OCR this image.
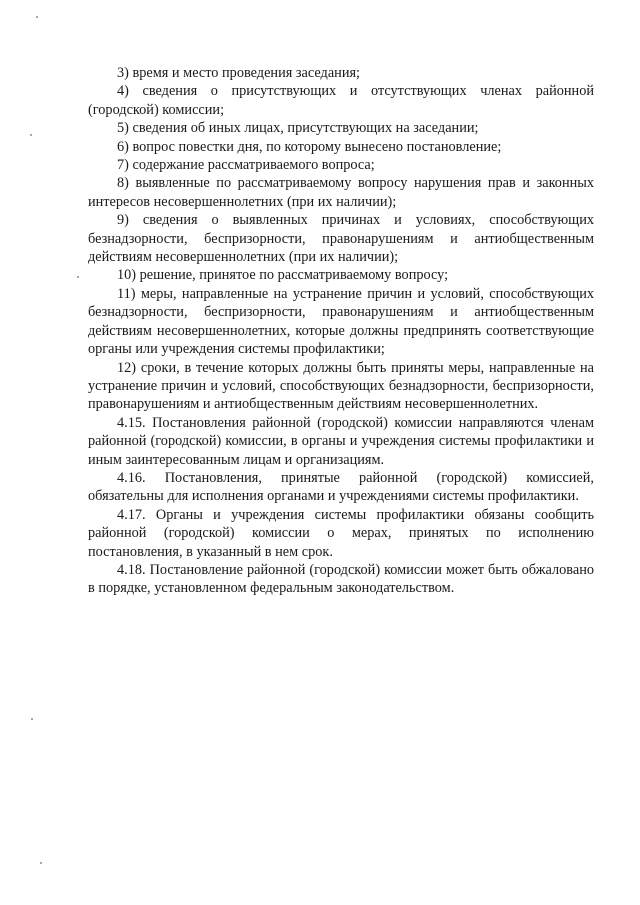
3) время и место проведения заседания;

4) сведения о присутствующих и отсутствующих членах районной (городской) комиссии;

5) сведения об иных лицах, присутствующих на заседании;

6) вопрос повестки дня, по которому вынесено постановление;

7) содержание рассматриваемого вопроса;

8) выявленные по рассматриваемому вопросу нарушения прав и законных интересов несовершеннолетних (при их наличии);

9) сведения о выявленных причинах и условиях, способствующих безнадзорности, беспризорности, правонарушениям и антиобщественным действиям несовершеннолетних (при их наличии);

10) решение, принятое по рассматриваемому вопросу;

11) меры, направленные на устранение причин и условий, способствующих безнадзорности, беспризорности, правонарушениям и антиобщественным действиям несовершеннолетних, которые должны предпринять соответствующие органы или учреждения системы профилактики;

12) сроки, в течение которых должны быть приняты меры, направленные на устранение причин и условий, способствующих безнадзорности, беспризорности, правонарушениям и антиобщественным действиям несовершеннолетних.

4.15. Постановления районной (городской) комиссии направляются членам районной (городской) комиссии, в органы и учреждения системы профилактики и иным заинтересованным лицам и организациям.

4.16. Постановления, принятые районной (городской) комиссией, обязательны для исполнения органами и учреждениями системы профилактики.

4.17. Органы и учреждения системы профилактики обязаны сообщить районной (городской) комиссии о мерах, принятых по исполнению постановления, в указанный в нем срок.

4.18. Постановление районной (городской) комиссии может быть обжаловано в порядке, установленном федеральным законодательством.
